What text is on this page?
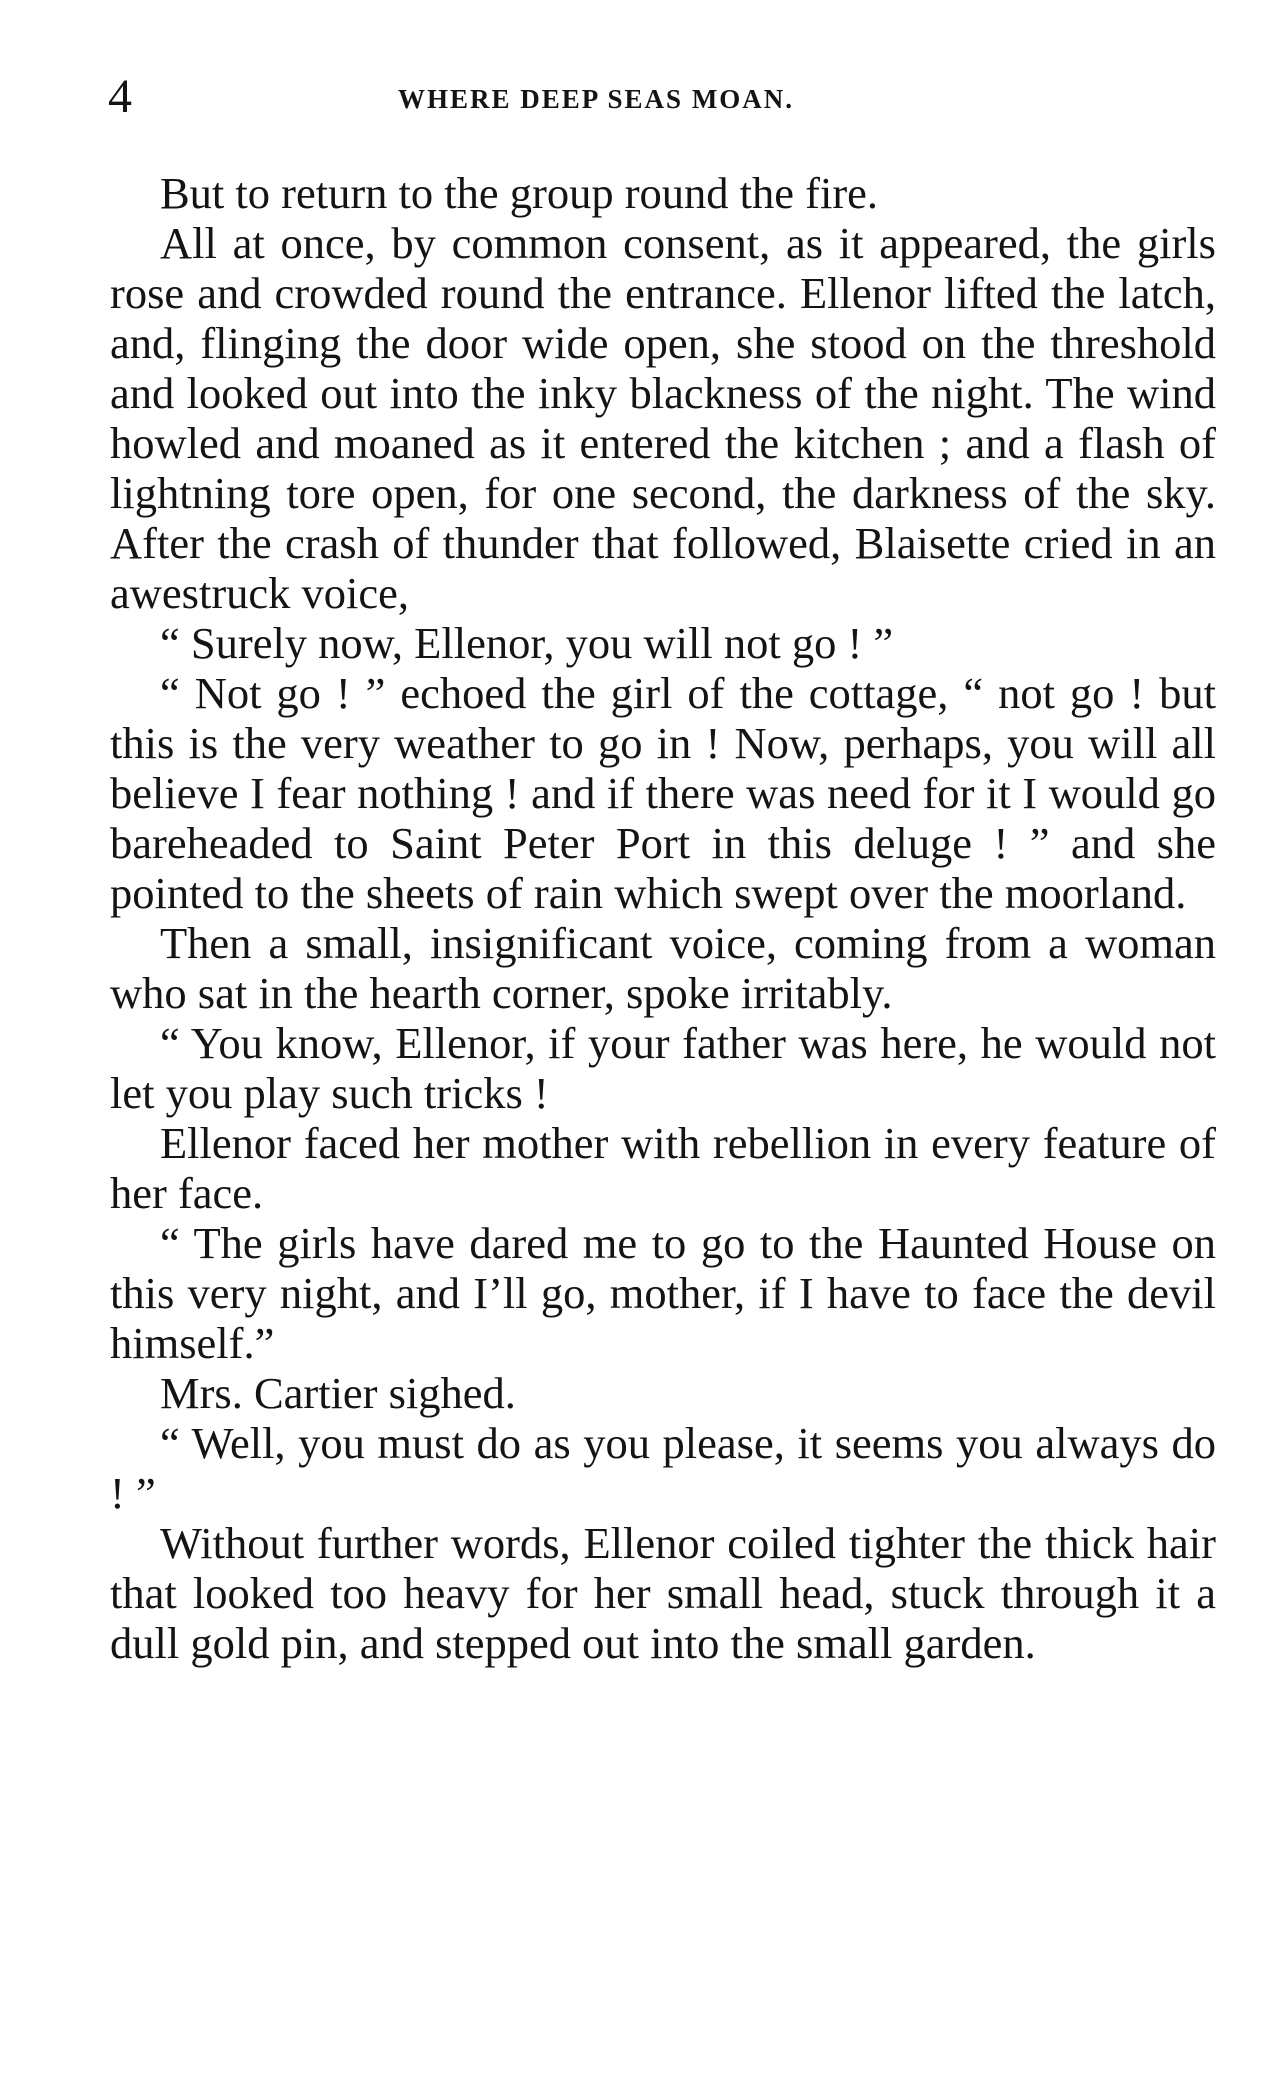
4	WHERE DEEP SEAS MOAN.

But to return to the group round the fire.

All at once, by common consent, as it appeared, the girls rose and crowded round the entrance. Ellenor lifted the latch, and, flinging the door wide open, she stood on the threshold and looked out into the inky blackness of the night. The wind howled and moaned as it entered the kitchen ; and a flash of lightning tore open, for one second, the darkness of the sky. After the crash of thunder that followed, Blaisette cried in an awestruck voice,

“ Surely now, Ellenor, you will not go ! ”

“ Not go ! ” echoed the girl of the cottage, “ not go ! but this is the very weather to go in ! Now, perhaps, you will all believe I fear nothing ! and if there was need for it I would go bareheaded to Saint Peter Port in this deluge ! ” and she pointed to the sheets of rain which swept over the moorland.

Then a small, insignificant voice, coming from a woman who sat in the hearth corner, spoke irritably.

“ You know, Ellenor, if your father was here, he would not let you play such tricks !

Ellenor faced her mother with rebellion in every feature of her face.

“ The girls have dared me to go to the Haunted House on this very night, and I’ll go, mother, if I have to face the devil himself.”

Mrs. Cartier sighed.

“ Well, you must do as you please, it seems you always do ! ”

Without further words, Ellenor coiled tighter the thick hair that looked too heavy for her small head, stuck through it a dull gold pin, and stepped out into the small garden.
